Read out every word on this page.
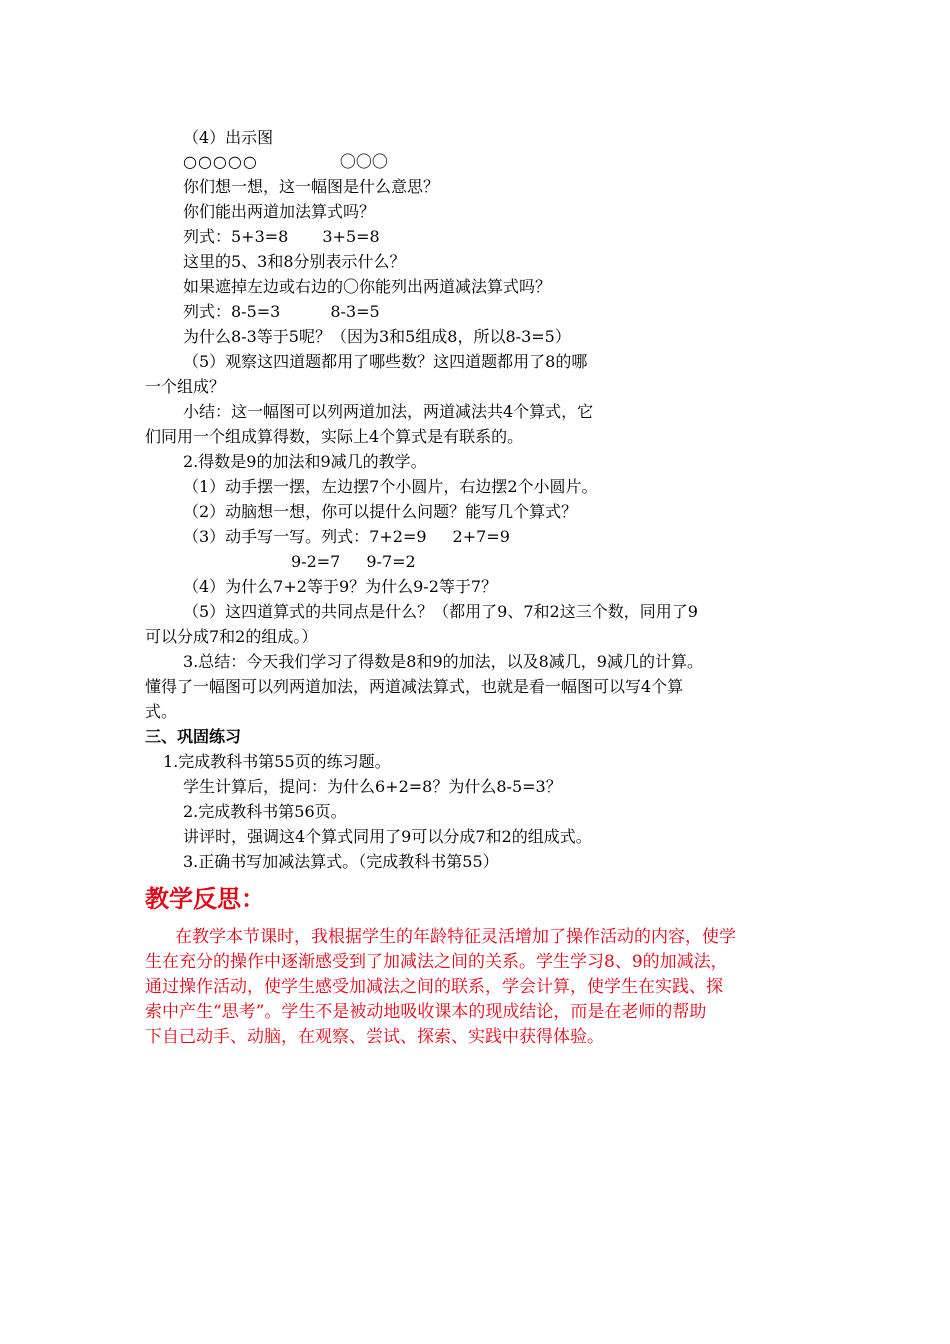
（4）出示图
○○○○○	〇〇〇
你们想一想，这一幅图是什么意思？
你们能出两道加法算式吗？
列式：5+3=8 3+5=8
这里的5、3和8分别表示什么？
如果遮掉左边或右边的〇你能列出两道减法算式吗？
列式：8-5=3	8-3=5
为什么8-3等于5呢？（因为3和5组成8，所以8-3=5）
（5）观察这四道题都用了哪些数？这四道题都用了8的哪
一个组成？
小结：这一幅图可以列两道加法，两道减法共4个算式，它
们同用一个组成算得数，实际上4个算式是有联系的。
2.得数是9的加法和9减几的教学。
（1）动手摆一摆，左边摆7个小圆片，右边摆2个小圆片。
（2）动脑想一想，你可以提什么问题？能写几个算式？
（3）动手写一写。列式：7+2=9 2+7=9
9-2=7 9-7=2
（4）为什么7+2等于9？为什么9-2等于7？
（5）这四道算式的共同点是什么？（都用了9、7和2这三个数，同用了9
可以分成7和2的组成。）
3.总结：今天我们学习了得数是8和9的加法，以及8减几，9减几的计算。
懂得了一幅图可以列两道加法，两道减法算式，也就是看一幅图可以写4个算
式。
三、巩固练习
1.完成教科书第55页的练习题。
学生计算后，提问：为什么6+2=8？为什么8-5=3？
2.完成教科书第56页。
讲评时，强调这4个算式同用了9可以分成7和2的组成式。
3.正确书写加减法算式。（完成教科书第55）
教学反思：
在教学本节课时，我根据学生的年龄特征灵活增加了操作活动的内容，使学
生在充分的操作中逐渐感受到了加减法之间的关系。学生学习8、9的加减法，
通过操作活动，使学生感受加减法之间的联系，学会计算，使学生在实践、探
索中产生“思考”。学生不是被动地吸收课本的现成结论，而是在老师的帮助
下自己动手、动脑，在观察、尝试、探索、实践中获得体验。
